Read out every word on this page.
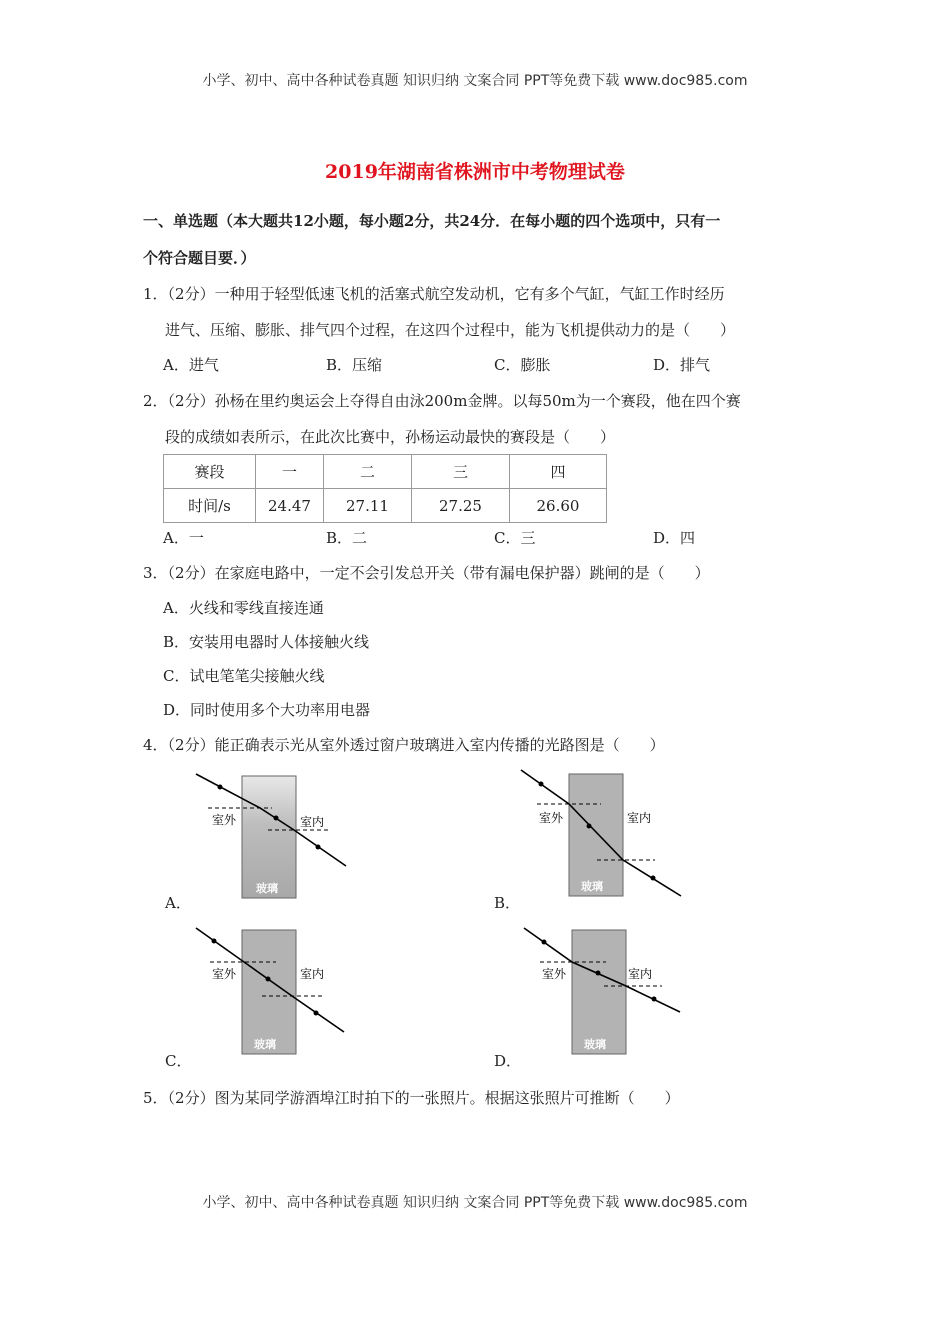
小学、初中、高中各种试卷真题 知识归纳 文案合同 PPT等免费下载 www.doc985.com
2019年湖南省株洲市中考物理试卷
一、单选题（本大题共12小题，每小题2分，共24分．在每小题的四个选项中，只有一
个符合题目要．）
1．（2分）一种用于轻型低速飞机的活塞式航空发动机，它有多个气缸，气缸工作时经历
进气、压缩、膨胀、排气四个过程，在这四个过程中，能为飞机提供动力的是（　　）
A．进气	B．压缩	C．膨胀	D．排气
2．（2分）孙杨在里约奥运会上夺得自由泳200m金牌。以每50m为一个赛段，他在四个赛
段的成绩如表所示，在此次比赛中，孙杨运动最快的赛段是（　　）
赛段	一	二	三	四
时间/s	24.47	27.11	27.25	26.60
A．一	B．二	C．三	D．四
3．（2分）在家庭电路中，一定不会引发总开关（带有漏电保护器）跳闸的是（　　）
A．火线和零线直接连通
B．安装用电器时人体接触火线
C．试电笔笔尖接触火线
D．同时使用多个大功率用电器
4．（2分）能正确表示光从室外透过窗户玻璃进入室内传播的光路图是（　　）
室外	室内
玻璃
A．
室外	室内
玻璃
B．
室外	室内
玻璃
C．
室外	室内
玻璃
D．
5．（2分）图为某同学游酒埠江时拍下的一张照片。根据这张照片可推断（　　）
小学、初中、高中各种试卷真题 知识归纳 文案合同 PPT等免费下载 www.doc985.com
